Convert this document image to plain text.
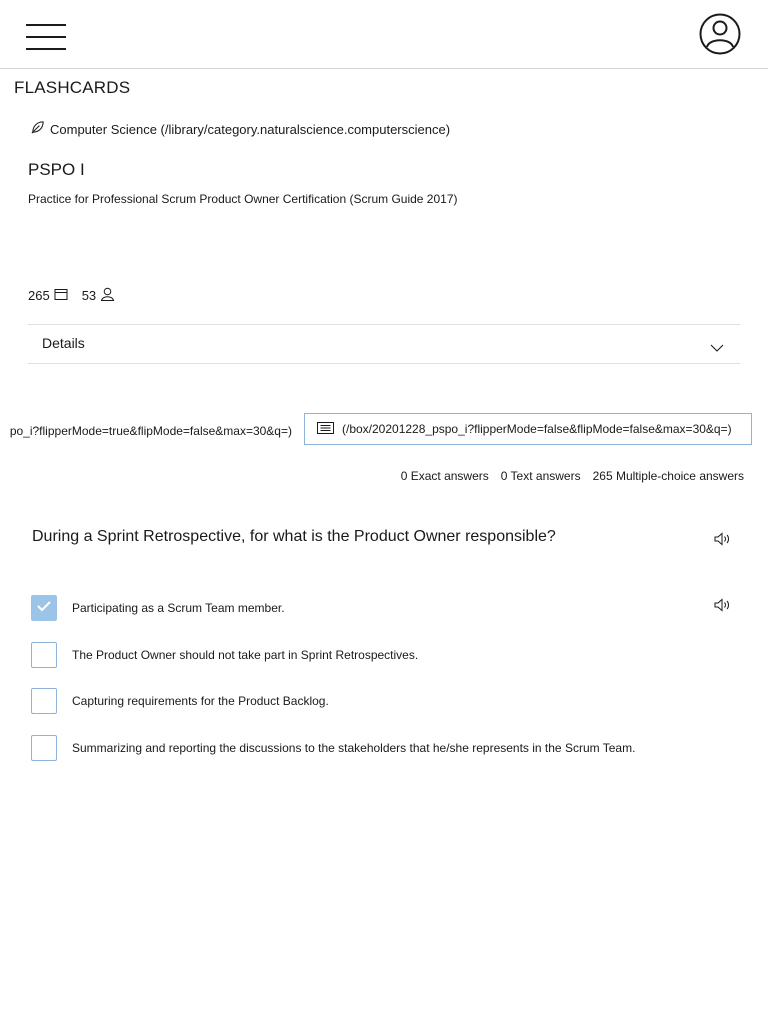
FLASHCARDS
Computer Science (/library/category.naturalscience.computerscience)
PSPO I
Practice for Professional Scrum Product Owner Certification (Scrum Guide 2017)
265 53
Details
po_i?flipperMode=true&flipMode=false&max=30&q=)	(/box/20201228_pspo_i?flipperMode=false&flipMode=false&max=30&q=)
0 Exact answers 0 Text answers 265 Multiple-choice answers
During a Sprint Retrospective, for what is the Product Owner responsible?
Participating as a Scrum Team member.
The Product Owner should not take part in Sprint Retrospectives.
Capturing requirements for the Product Backlog.
Summarizing and reporting the discussions to the stakeholders that he/she represents in the Scrum Team.
